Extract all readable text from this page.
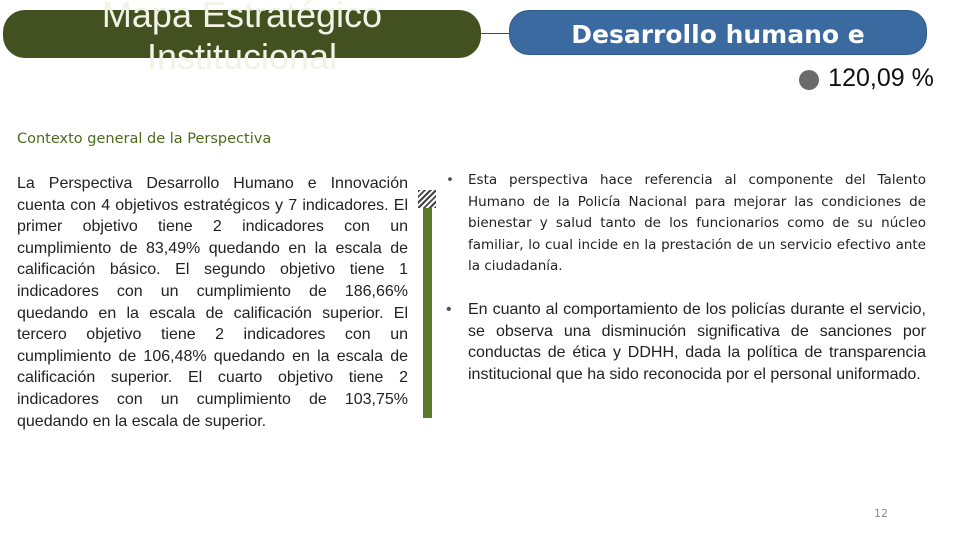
Mapa Estratégico Institucional
Desarrollo humano e innovación	120,09 %
Contexto general de la Perspectiva
La Perspectiva Desarrollo Humano e Innovación cuenta con 4 objetivos estratégicos y 7 indicadores. El primer objetivo tiene 2 indicadores con un cumplimiento de 83,49% quedando en la escala de calificación básico. El segundo objetivo tiene 1 indicadores con un cumplimiento de 186,66% quedando en la escala de calificación superior. El tercero objetivo tiene 2 indicadores con un cumplimiento de 106,48% quedando en la escala de calificación superior. El cuarto objetivo tiene 2 indicadores con un cumplimiento de 103,75% quedando en la escala de superior.
• Esta perspectiva hace referencia al componente del Talento Humano de la Policía Nacional para mejorar las condiciones de bienestar y salud tanto de los funcionarios como de su núcleo familiar, lo cual incide en la prestación de un servicio efectivo ante la ciudadanía.
• En cuanto al comportamiento de los policías durante el servicio, se observa una disminución significativa de sanciones por conductas de ética y DDHH, dada la política de transparencia institucional que ha sido reconocida por el personal uniformado.
12
